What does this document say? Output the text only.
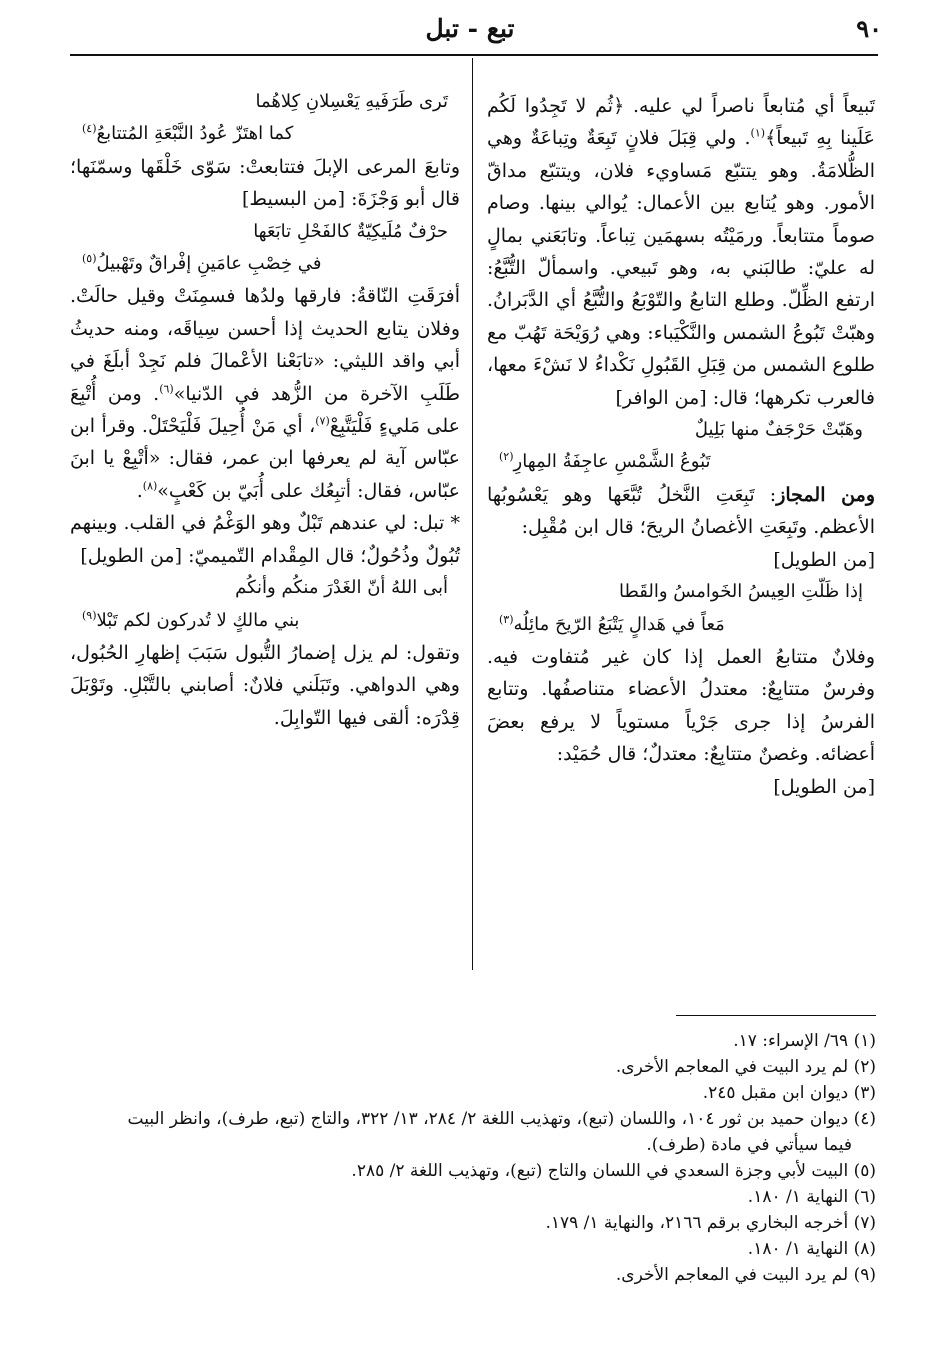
٩٠
تبع - تبل

تَبيعاً أي مُتابعاً ناصراً لي عليه. ﴿ثُم لا تَجِدُوا لَكُم عَلَينا بِهِ تَبيعاً﴾$^{(١)}$. ولي قِبَلَ فلانٍ تَبِعَةٌ وتِباعَةٌ وهي الظُّلامَةُ. وهو يتتبّع مَساويء فلان، ويتتبّع مداقّ الأمور. وهو يُتابع بين الأعمال: يُوالي بينها. وصام صوماً متتابعاً. ورمَيْتُه بسهمَين تِباعاً. وتابَعَني بمالٍ له عليّ: طالبَني به، وهو تَبيعي. واسمألّ التُّبَّعُ: ارتفع الظِّلّ. وطلع التابعُ والتّوْبَعُ والتُّبَّعُ أي الدَّبَرانُ. وهبّتْ تَبُوعُ الشمس والنَّكْيَباء: وهي رُوَيْحَة تَهُبّ مع طلوع الشمس من قِبَلِ القَبُولِ نَكْداءُ لا نَشْءَ معها، فالعرب تكرهها؛ قال: [من الوافر]

وهَبّتْ حَرْجَفٌ منها بَلِيلٌ
تَبُوعُ الشَّمْسِ عاجِفَةُ المِهارِ$^{(٢)}$

ومن المجاز: تَبِعَتِ النَّخلُ تُبَّعَها وهو يَعْسُوبُها الأعظم. وتَبِعَتِ الأغصانُ الريحَ؛ قال ابن مُقْبِل:

[من الطويل]
إذا ظَلّتِ العِيسُ الخَوامسُ والقَطا
مَعاً في هَدالٍ يَتْبَعُ الرّيحَ مائِلُه$^{(٣)}$

وفلانٌ متتابعُ العمل إذا كان غير مُتفاوت فيه. وفرسٌ متتابِعٌ: معتدلُ الأعضاء متناصفُها. وتتابع الفرسُ إذا جرى جَرْياً مستوياً لا يرفع بعضَ أعضائه. وغصنٌ متتابِعٌ: معتدلٌ؛ قال حُمَيْد:

[من الطويل]
تَرى طَرَفَيهِ يَعْسِلانِ كِلاهُما
كما اهتَزّ عُودُ النَّبْعَةِ المُتتابعُ$^{(٤)}$

وتابعَ المرعى الإبلَ فتتابعتْ: سَوّى خَلْقَها وسمّنَها؛ قال أبو وَجْزَةَ: [من البسيط]

حرْفٌ مُلَيكِيّةٌ كالفَحْلِ تابَعَها
في خِصْبِ عامَينِ إفْراقٌ وتَهْبيلُ$^{(٥)}$

أفرَقَتِ النّاقةُ: فارقها ولدُها فسمِنَتْ وقيل حالَتْ. وفلان يتابع الحديث إذا أحسن سِياقَه، ومنه حديثُ أبي واقد الليثي: «تابَعْنا الأعْمالَ فلم نَجِدْ أبلَغَ في طَلَبِ الآخرة من الزُّهد في الدّنيا»$^{(٦)}$. ومن أُتْبِعَ على مَليءٍ فَلْيَتَّبِعْ$^{(٧)}$، أي مَنْ أُحِيلَ فَلْيَحْتَلْ. وقرأ ابن عبّاس آية لم يعرفها ابن عمر، فقال: «أتْبِعْ يا ابنَ عبّاس، فقال: أتبِعُك على أُبَيّ بن كَعْبٍ»$^{(٨)}$.

* تبل: لي عندهم تَبْلٌ وهو الوَغْمُ في القلب. وبينهم تُبُولٌ وذُحُولٌ؛ قال المِقْدام التّميميّ: [من الطويل]

أبى اللهُ أنّ الغَدْرَ منكُم وأنكُم
بني مالكٍ لا تُدركون لكم تَبْلا$^{(٩)}$

وتقول: لم يزل إضمارُ التُّبول سَبَبَ إظهارِ الحُبُول، وهي الدواهي. وتَبَلَني فلانٌ: أصابني بالتَّبْلِ. وتَوْبَلَ قِدْرَه: ألقى فيها التّوابِلَ.

(١) ٦٩/ الإسراء: ١٧.

(٢) لم يرد البيت في المعاجم الأخرى.

(٣) ديوان ابن مقبل ٢٤٥.

(٤) ديوان حميد بن ثور ١٠٤، واللسان (تبع)، وتهذيب اللغة ٢/ ٢٨٤، ١٣/ ٣٢٢، والتاج (تبع، طرف)، وانظر البيت

فيما سيأتي في مادة (طرف).

(٥) البيت لأبي وجزة السعدي في اللسان والتاج (تبع)، وتهذيب اللغة ٢/ ٢٨٥.

(٦) النهاية ١/ ١٨٠.

(٧) أخرجه البخاري برقم ٢١٦٦، والنهاية ١/ ١٧٩.

(٨) النهاية ١/ ١٨٠.

(٩) لم يرد البيت في المعاجم الأخرى.
